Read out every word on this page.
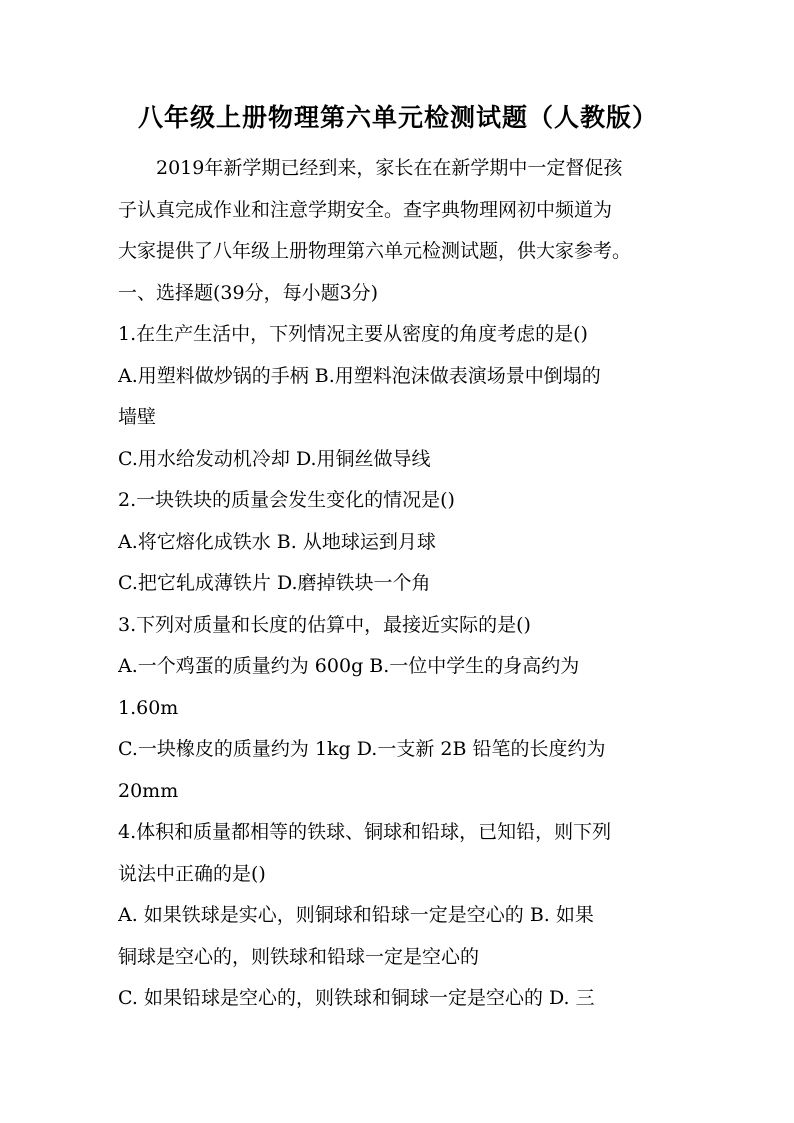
八年级上册物理第六单元检测试题（人教版）
2019年新学期已经到来，家长在在新学期中一定督促孩
子认真完成作业和注意学期安全。查字典物理网初中频道为
大家提供了八年级上册物理第六单元检测试题，供大家参考。
一、选择题(39分，每小题3分)
1.在生产生活中，下列情况主要从密度的角度考虑的是()
A.用塑料做炒锅的手柄 B.用塑料泡沫做表演场景中倒塌的
墙壁
C.用水给发动机冷却 D.用铜丝做导线
2.一块铁块的质量会发生变化的情况是()
A.将它熔化成铁水 B. 从地球运到月球
C.把它轧成薄铁片 D.磨掉铁块一个角
3.下列对质量和长度的估算中，最接近实际的是()
A.一个鸡蛋的质量约为 600g B.一位中学生的身高约为
1.60m
C.一块橡皮的质量约为 1kg D.一支新 2B 铅笔的长度约为
20mm
4.体积和质量都相等的铁球、铜球和铅球，已知铅，则下列
说法中正确的是()
A. 如果铁球是实心，则铜球和铅球一定是空心的 B. 如果
铜球是空心的，则铁球和铅球一定是空心的
C. 如果铅球是空心的，则铁球和铜球一定是空心的 D. 三
